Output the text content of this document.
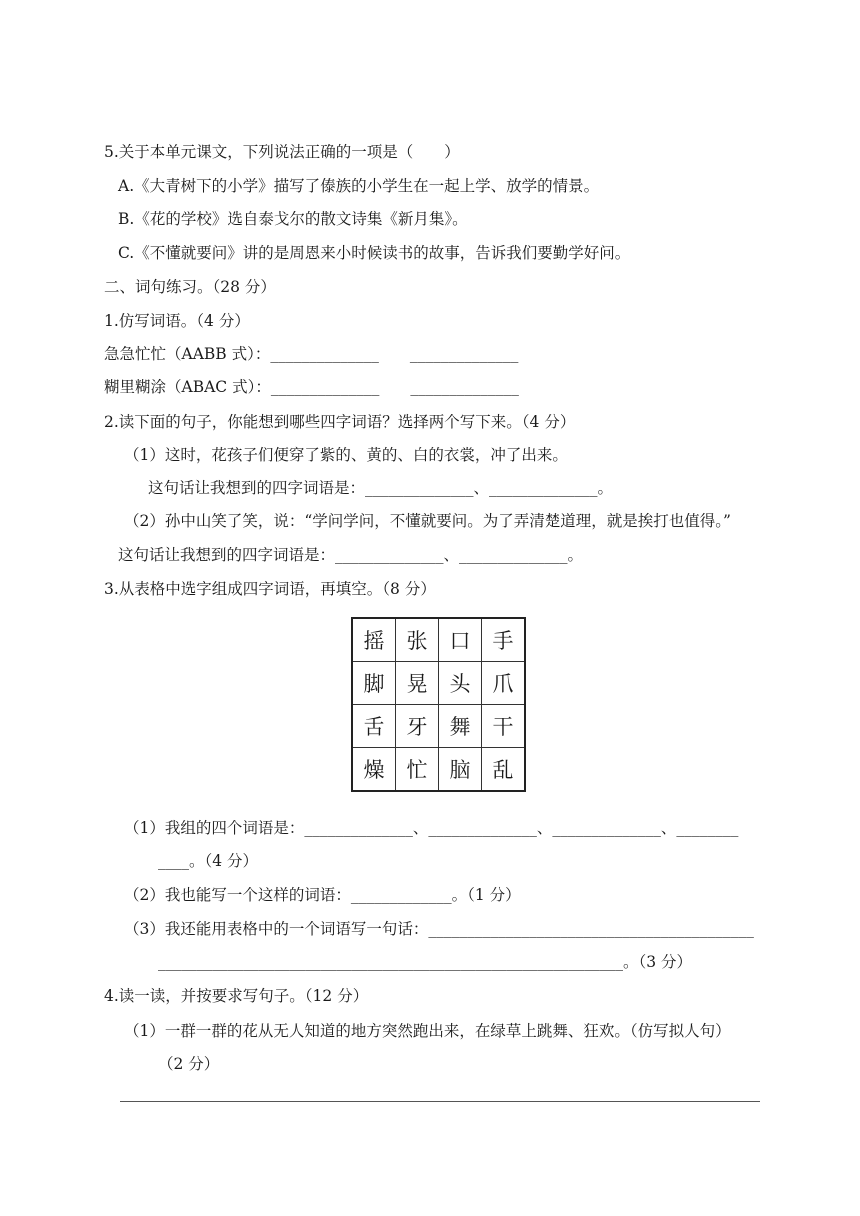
5.关于本单元课文，下列说法正确的一项是（　　）
A.《大青树下的小学》描写了傣族的小学生在一起上学、放学的情景。
B.《花的学校》选自泰戈尔的散文诗集《新月集》。
C.《不懂就要问》讲的是周恩来小时候读书的故事，告诉我们要勤学好问。
二、词句练习。（28 分）
1.仿写词语。（4 分）
急急忙忙（AABB 式）：______________　　______________
糊里糊涂（ABAC 式）：______________　　______________
2.读下面的句子，你能想到哪些四字词语？选择两个写下来。（4 分）
（1）这时，花孩子们便穿了紫的、黄的、白的衣裳，冲了出来。
这句话让我想到的四字词语是：______________、______________。
（2）孙中山笑了笑，说：“学问学问，不懂就要问。为了弄清楚道理，就是挨打也值得。”
这句话让我想到的四字词语是：______________、______________。
3.从表格中选字组成四字词语，再填空。（8 分）
摇	张	口	手
脚	晃	头	爪
舌	牙	舞	干
燥	忙	脑	乱
（1）我组的四个词语是：______________、______________、______________、________
____。（4 分）
（2）我也能写一个这样的词语：_____________。（1 分）
（3）我还能用表格中的一个词语写一句话：__________________________________________
____________________________________________________________。（3 分）
4.读一读，并按要求写句子。（12 分）
（1）一群一群的花从无人知道的地方突然跑出来，在绿草上跳舞、狂欢。（仿写拟人句）
（2 分）
